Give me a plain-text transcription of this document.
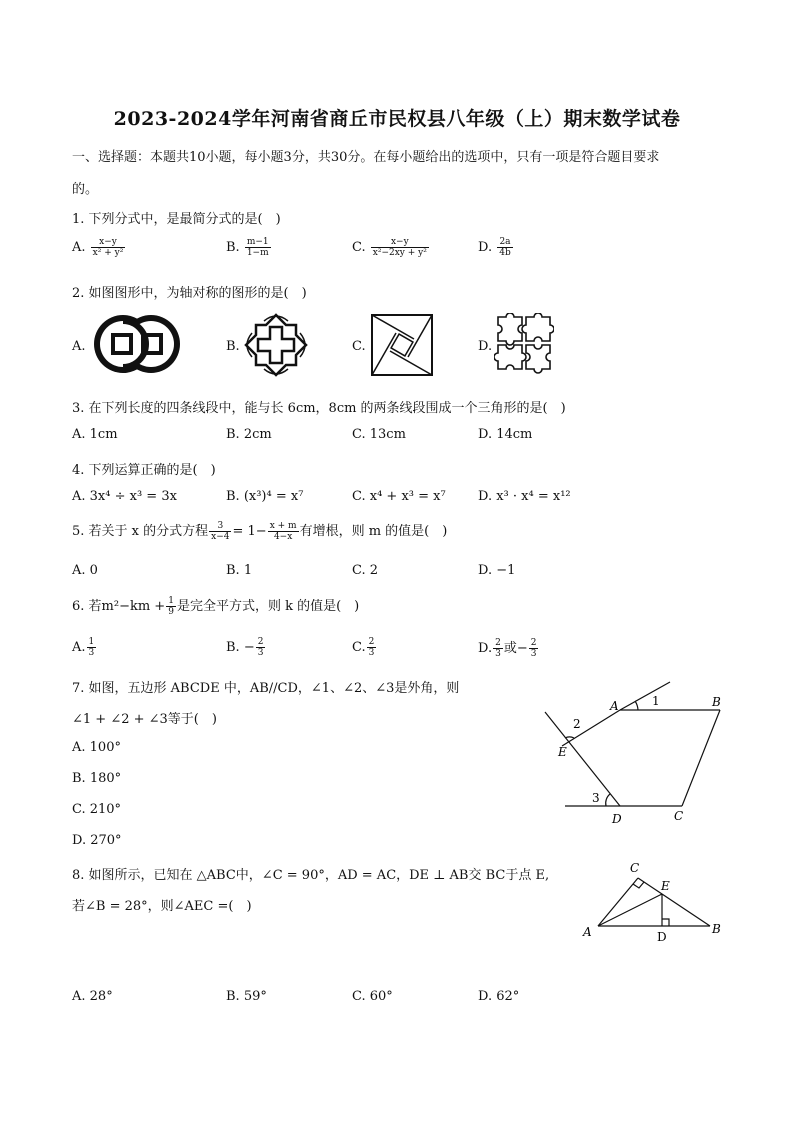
2023-2024学年河南省商丘市民权县八年级（上）期末数学试卷
一、选择题：本题共10小题，每小题3分，共30分。在每小题给出的选项中，只有一项是符合题目要求
的。
1. 下列分式中，是最简分式的是(　)
A. $\frac{x-y}{\text{x² + y²}}$	B. $\frac{m-1}{1-m}$	C. $\frac{x-y}{\text{x²−2xy + y²}}$	D. $\frac{2a}{4b}$
2. 如图图形中，为轴对称的图形的是(　)
A.	B.	C.	D.
3. 在下列长度的四条线段中，能与长 6cm，8cm 的两条线段围成一个三角形的是(　)
A. 1cm	B. 2cm	C. 13cm	D. 14cm
4. 下列运算正确的是(　)
A. 3x⁴ ÷ x³ = 3x	B. (x³)⁴ = x⁷	C. x⁴ + x³ = x⁷ D. x³ · x⁴ = x¹²
5. 若关于 x 的分式方程 $\frac{3}{x-4} = 1- \frac{x + m}{4-x}$ 有增根，则 m 的值是(　)
A. 0	B. 1	C. 2	D. −1
6. 若$m^2-km + \frac{1}{9}$ 是完全平方式，则 k 的值是(　)
A. $\frac{1}{3}$	B. − $\frac{2}{3}$	C. $\frac{2}{3}$	D. $\frac{2}{3}$ 或− $\frac{2}{3}$
7. 如图，五边形 ABCDE 中，AB//CD，∠1、∠2、∠3是外角，则
∠1 + ∠2 + ∠3等于(　)
A. 100°
B. 180°
C. 210°
D. 270°
A	B
C
D
E
1
2
3
8. 如图所示，已知在 △ABC中，∠C = 90°，AD = AC，DE ⊥ AB交 BC于点 E,
若∠B = 28°，则∠AEC =(　)
A. 28°	B. 59°	C. 60°	D. 62°
C
E
A	B
D
